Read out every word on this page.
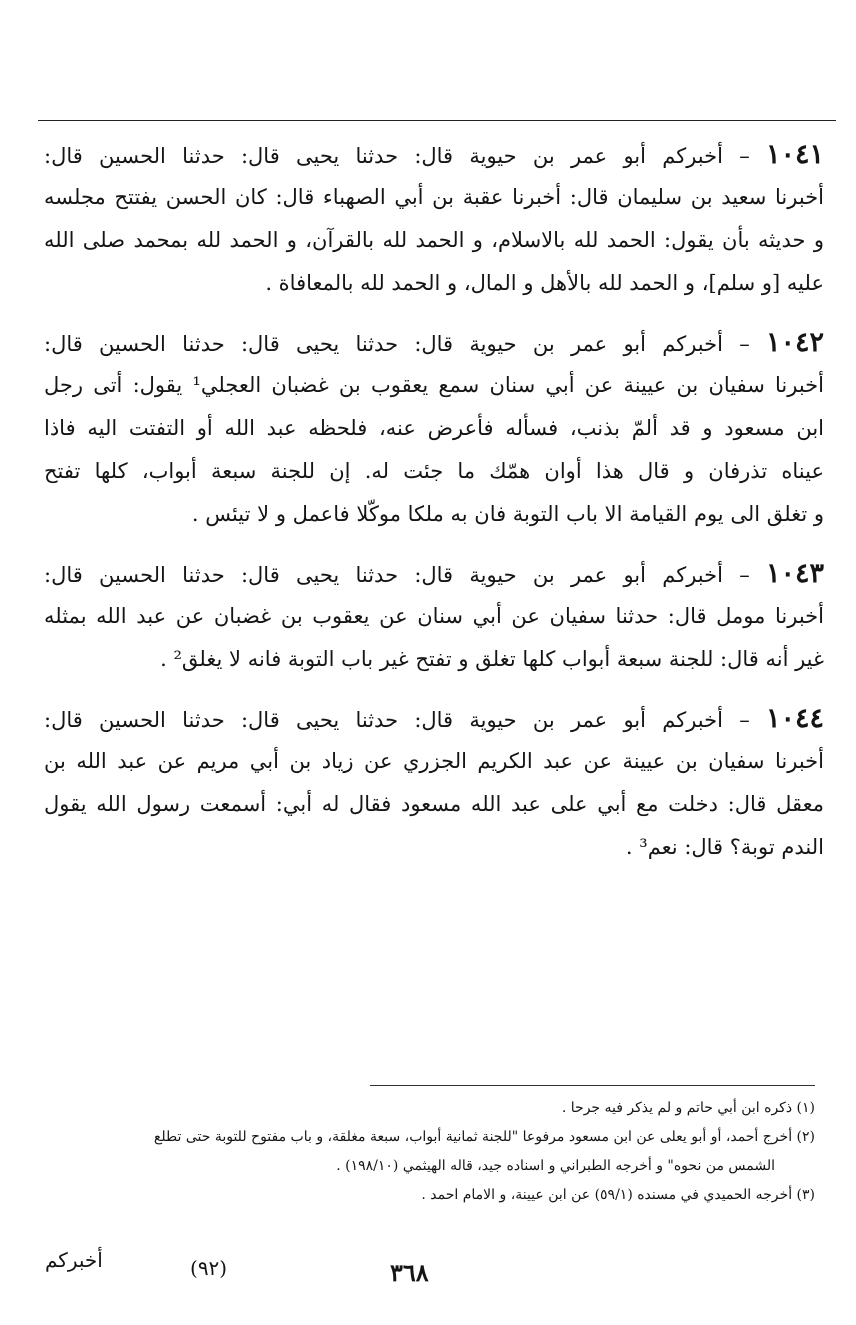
١٠٤١ – أخبركم أبو عمر بن حيوية قال: حدثنا يحيى قال: حدثنا الحسين قال:
أخبرنا سعيد بن سليمان قال: أخبرنا عقبة بن أبي الصهباء قال: كان الحسن يفتتح مجلسه
و حديثه بأن يقول: الحمد لله بالاسلام، و الحمد لله بالقرآن، و الحمد لله بمحمد صلى الله
عليه [و سلم]، و الحمد لله بالأهل و المال، و الحمد لله بالمعافاة .
١٠٤٢ – أخبركم أبو عمر بن حيوية قال: حدثنا يحيى قال: حدثنا الحسين قال:
أخبرنا سفيان بن عيينة عن أبي سنان سمع يعقوب بن غضبان العجلي¹ يقول: أتى رجل
ابن مسعود و قد ألمّ بذنب، فسأله فأعرض عنه، فلحظه عبد الله أو التفتت اليه فاذا
عيناه تذرفان و قال هذا أوان همّك ما جئت له. إن للجنة سبعة أبواب، كلها تفتح
و تغلق الى يوم القيامة الا باب التوبة فان به ملكا موكّلا فاعمل و لا تيئس .
١٠٤٣ – أخبركم أبو عمر بن حيوية قال: حدثنا يحيى قال: حدثنا الحسين قال:
أخبرنا مومل قال: حدثنا سفيان عن أبي سنان عن يعقوب بن غضبان عن عبد الله بمثله
غير أنه قال: للجنة سبعة أبواب كلها تغلق و تفتح غير باب التوبة فانه لا يغلق² .
١٠٤٤ – أخبركم أبو عمر بن حيوية قال: حدثنا يحيى قال: حدثنا الحسين قال:
أخبرنا سفيان بن عيينة عن عبد الكريم الجزري عن زياد بن أبي مريم عن عبد الله بن
معقل قال: دخلت مع أبي على عبد الله مسعود فقال له أبي: أسمعت رسول الله يقول
الندم توبة؟ قال: نعم³ .
(١) ذكره ابن أبي حاتم و لم يذكر فيه جرحا .
(٢) أخرج أحمد، أو أبو يعلى عن ابن مسعود مرفوعا "للجنة ثمانية أبواب، سبعة مغلقة، و باب مفتوح للتوبة حتى تطلع
الشمس من نحوه" و أخرجه الطبراني و اسناده جيد، قاله الهيثمي (١٩٨/١٠) .
(٣) أخرجه الحميدي في مسنده (٥٩/١) عن ابن عيينة، و الامام احمد .
أخبركم	(٩٢)	٣٦٨
